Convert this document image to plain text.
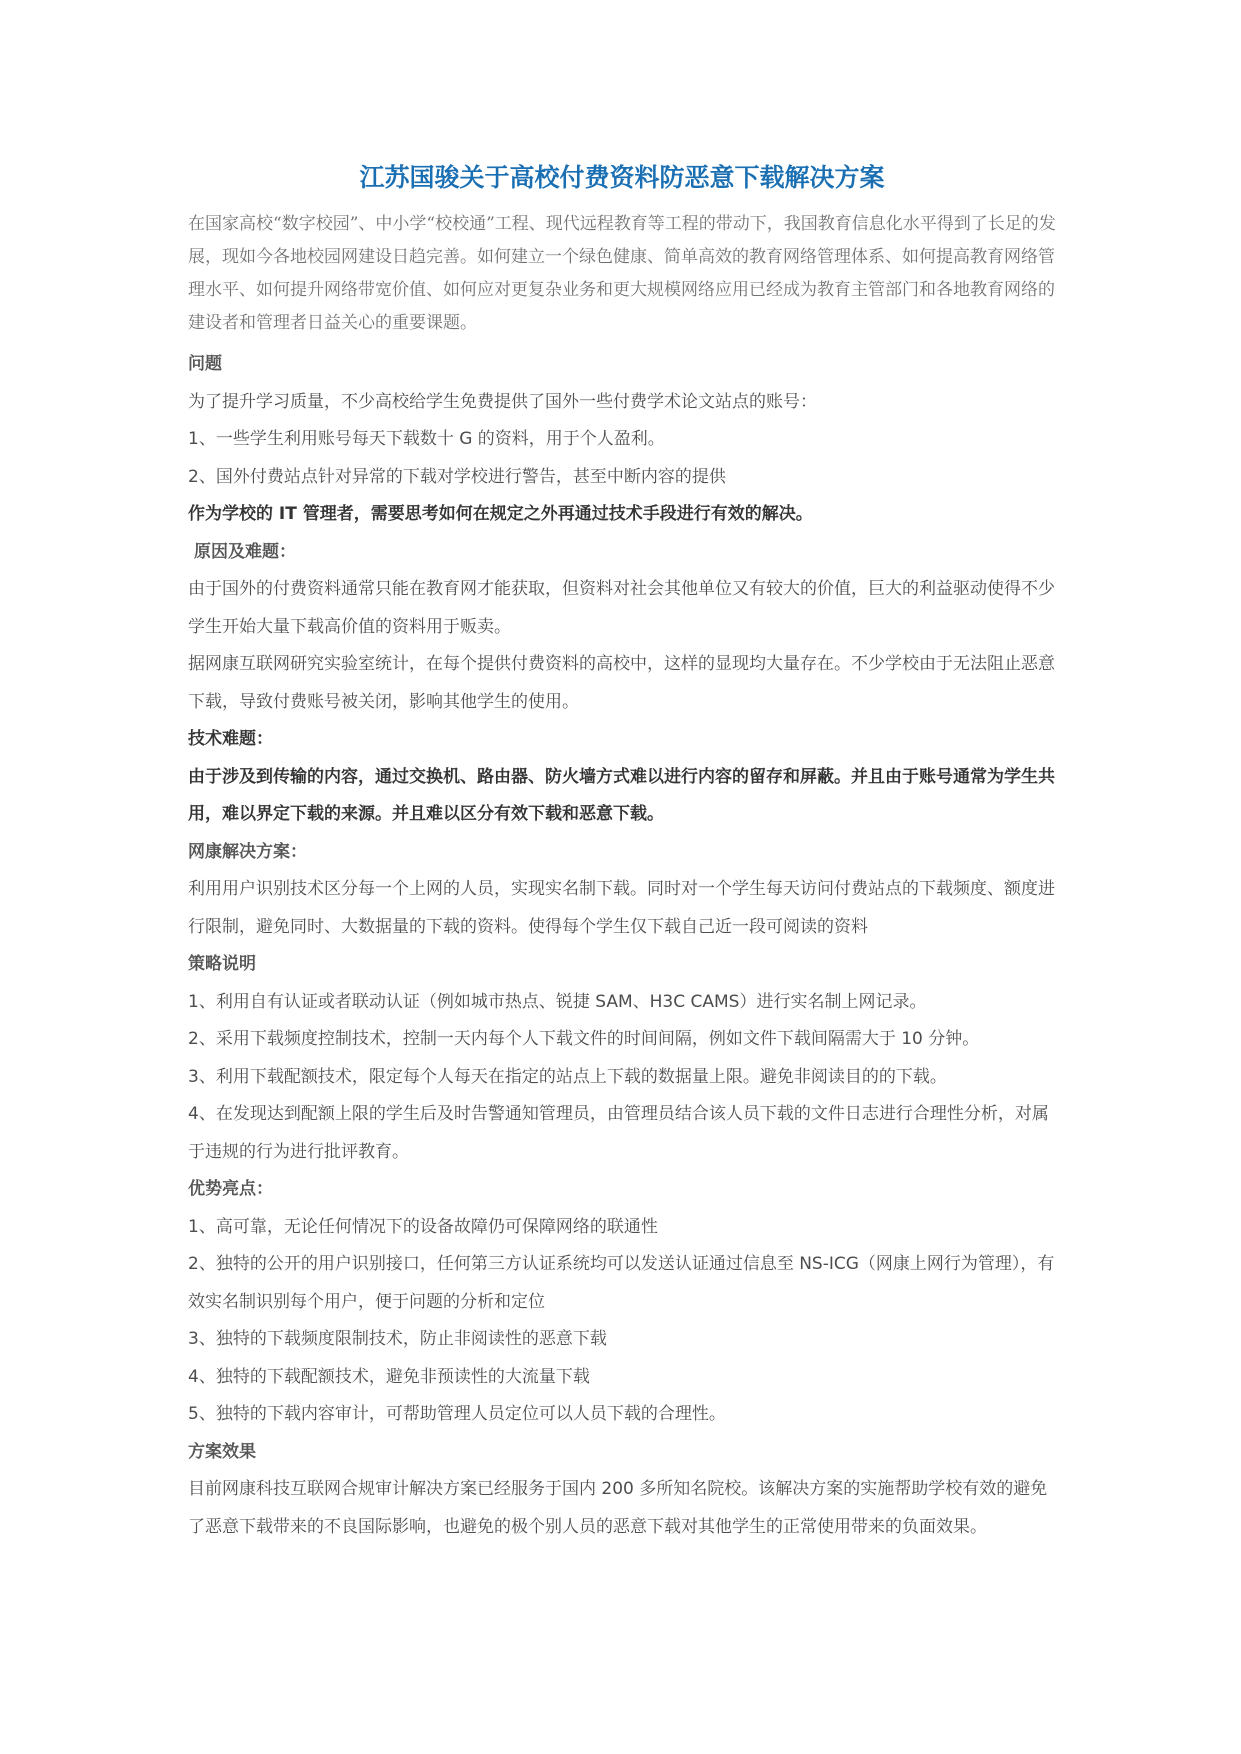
江苏国骏关于高校付费资料防恶意下载解决方案

在国家高校“数字校园”、中小学“校校通”工程、现代远程教育等工程的带动下，我国教育信息化水平得到了长足的发展，现如今各地校园网建设日趋完善。如何建立一个绿色健康、简单高效的教育网络管理体系、如何提高教育网络管理水平、如何提升网络带宽价值、如何应对更复杂业务和更大规模网络应用已经成为教育主管部门和各地教育网络的建设者和管理者日益关心的重要课题。

问题

为了提升学习质量，不少高校给学生免费提供了国外一些付费学术论文站点的账号：

1、一些学生利用账号每天下载数十 G 的资料，用于个人盈利。

2、国外付费站点针对异常的下载对学校进行警告，甚至中断内容的提供

作为学校的 IT 管理者，需要思考如何在规定之外再通过技术手段进行有效的解决。

原因及难题：

由于国外的付费资料通常只能在教育网才能获取，但资料对社会其他单位又有较大的价值，巨大的利益驱动使得不少学生开始大量下载高价值的资料用于贩卖。

据网康互联网研究实验室统计，在每个提供付费资料的高校中，这样的显现均大量存在。不少学校由于无法阻止恶意下载，导致付费账号被关闭，影响其他学生的使用。

技术难题：

由于涉及到传输的内容，通过交换机、路由器、防火墙方式难以进行内容的留存和屏蔽。并且由于账号通常为学生共用，难以界定下载的来源。并且难以区分有效下载和恶意下载。

网康解决方案：

利用用户识别技术区分每一个上网的人员，实现实名制下载。同时对一个学生每天访问付费站点的下载频度、额度进行限制，避免同时、大数据量的下载的资料。使得每个学生仅下载自己近一段可阅读的资料

策略说明

1、利用自有认证或者联动认证（例如城市热点、锐捷 SAM、H3C CAMS）进行实名制上网记录。

2、采用下载频度控制技术，控制一天内每个人下载文件的时间间隔，例如文件下载间隔需大于 10 分钟。

3、利用下载配额技术，限定每个人每天在指定的站点上下载的数据量上限。避免非阅读目的的下载。

4、在发现达到配额上限的学生后及时告警通知管理员，由管理员结合该人员下载的文件日志进行合理性分析，对属于违规的行为进行批评教育。

优势亮点：

1、高可靠，无论任何情况下的设备故障仍可保障网络的联通性

2、独特的公开的用户识别接口，任何第三方认证系统均可以发送认证通过信息至 NS-ICG（网康上网行为管理），有效实名制识别每个用户，便于问题的分析和定位

3、独特的下载频度限制技术，防止非阅读性的恶意下载

4、独特的下载配额技术，避免非预读性的大流量下载

5、独特的下载内容审计，可帮助管理人员定位可以人员下载的合理性。

方案效果

目前网康科技互联网合规审计解决方案已经服务于国内 200 多所知名院校。该解决方案的实施帮助学校有效的避免了恶意下载带来的不良国际影响，也避免的极个别人员的恶意下载对其他学生的正常使用带来的负面效果。
